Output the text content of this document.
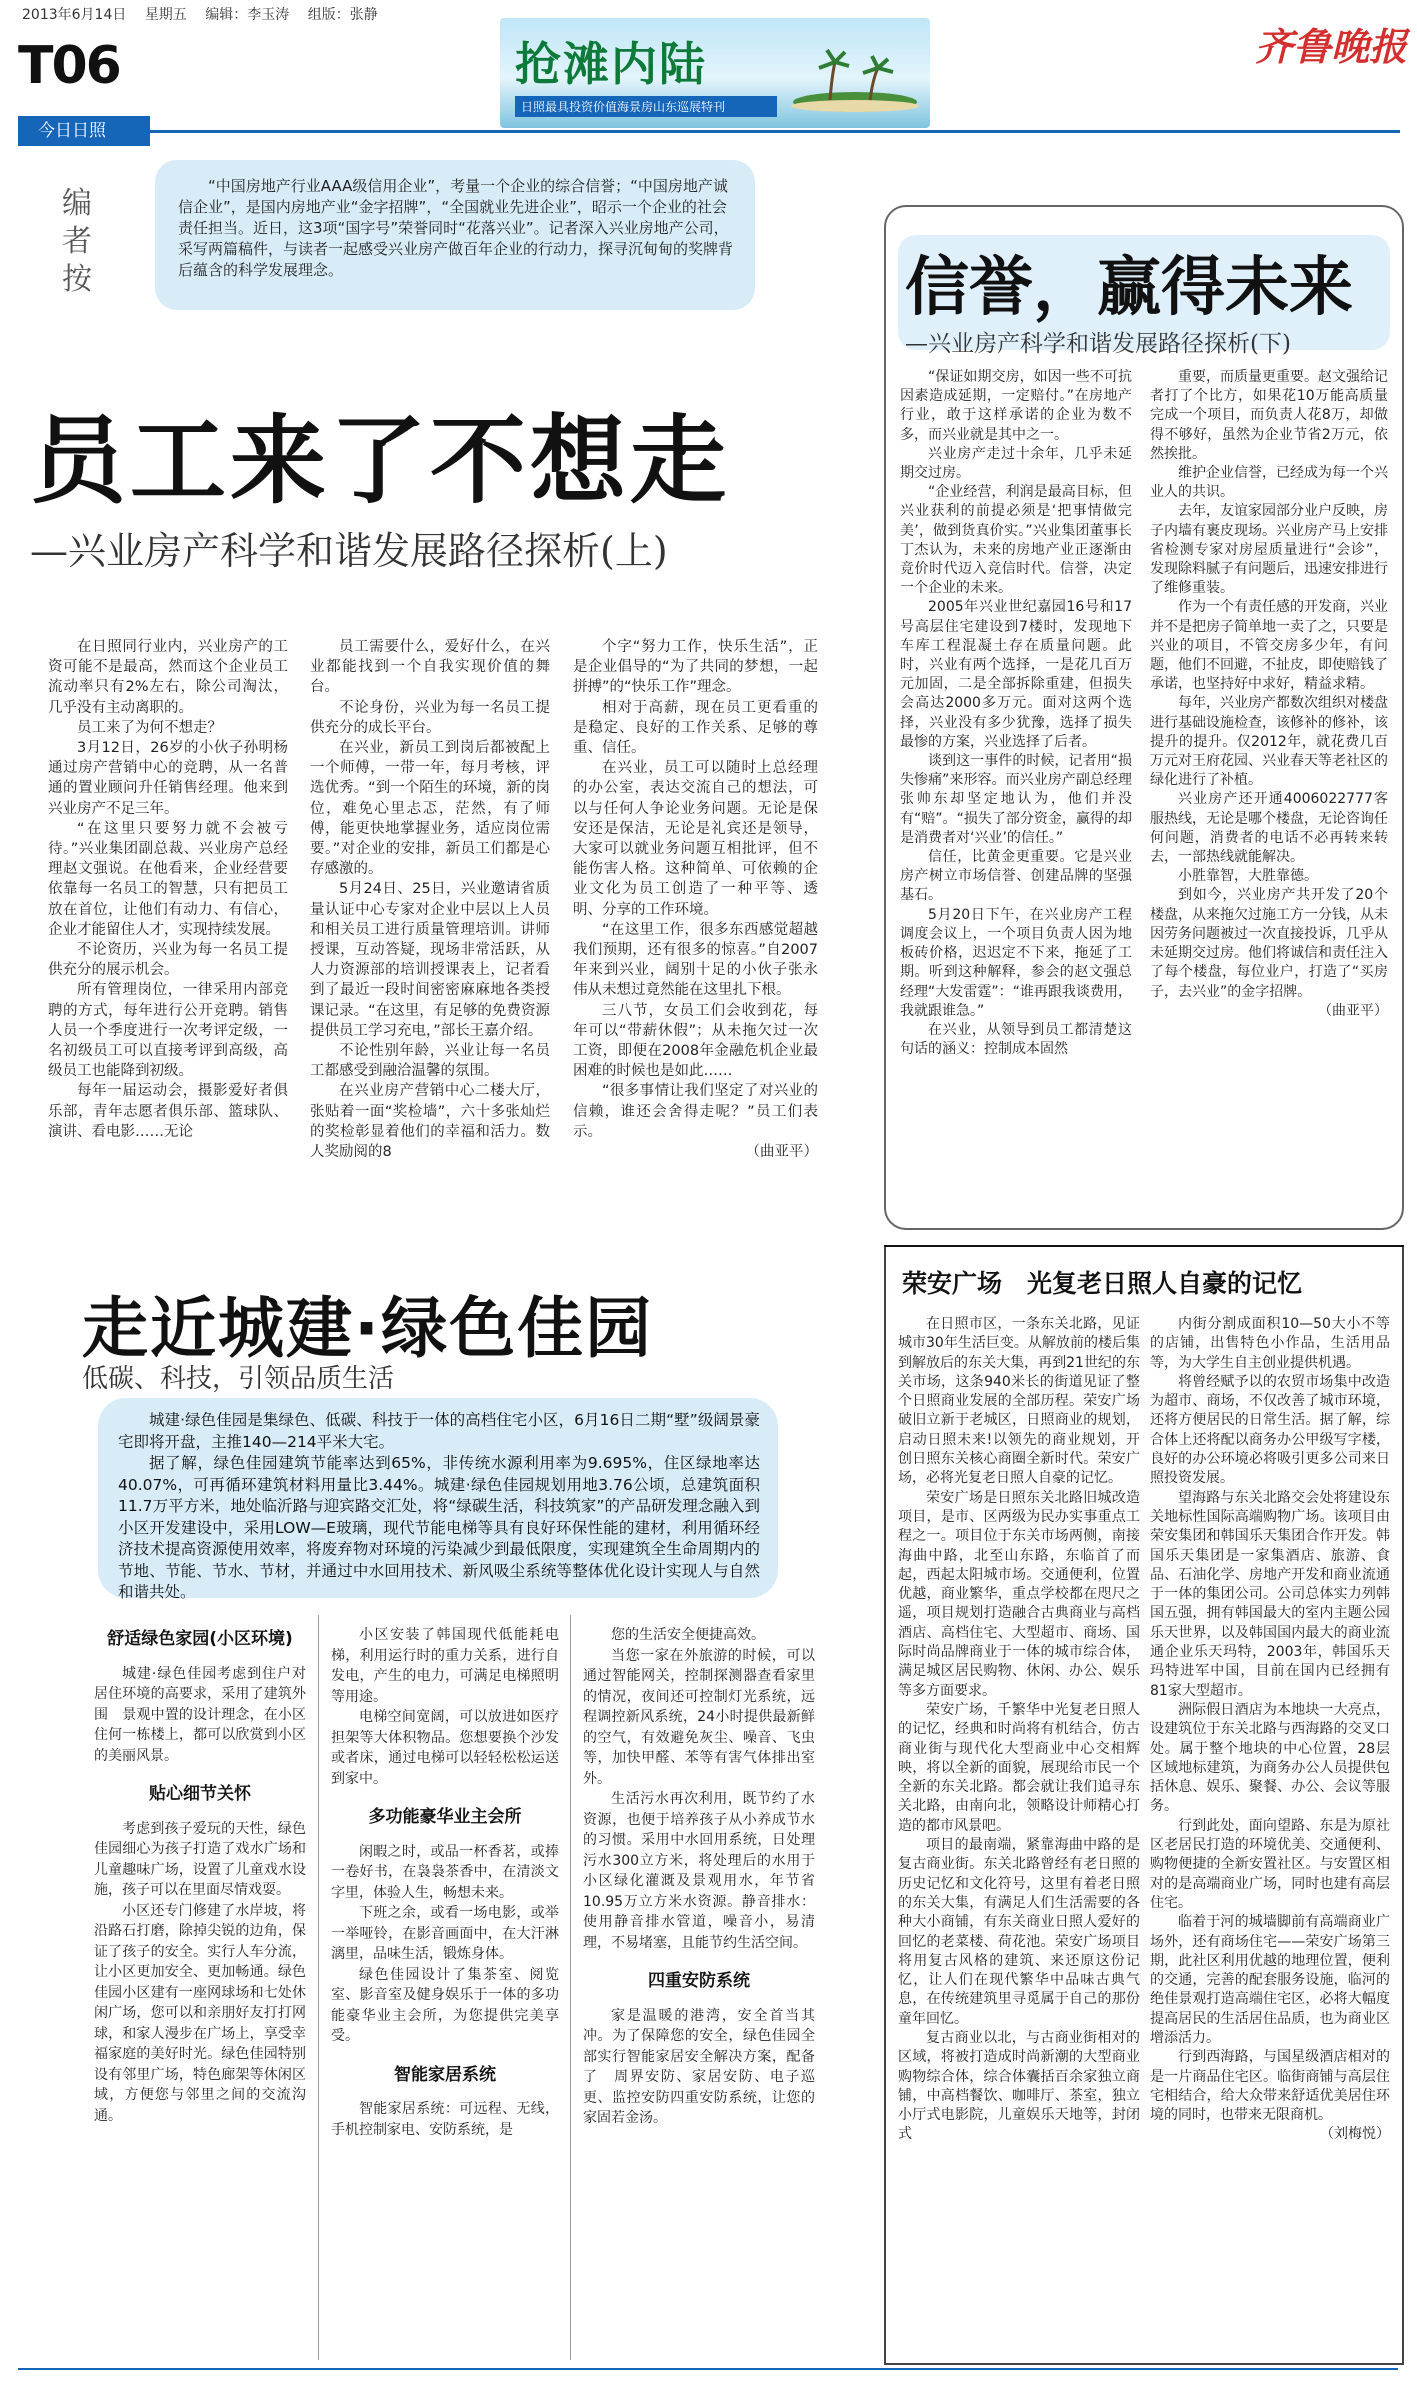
2013年6月14日 星期五 编辑：李玉涛 组版：张静
T06
今日日照
抢滩内陆
日照最具投资价值海景房山东巡展特刊
齐鲁晚报
编者按
“中国房地产行业AAA级信用企业”，考量一个企业的综合信誉；“中国房地产诚信企业”，是国内房地产业“金字招牌”，“全国就业先进企业”，昭示一个企业的社会责任担当。近日，这3项“国字号”荣誉同时“花落兴业”。记者深入兴业房地产公司，采写两篇稿件，与读者一起感受兴业房产做百年企业的行动力，探寻沉甸甸的奖牌背后蕴含的科学发展理念。
员工来了不想走
—兴业房产科学和谐发展路径探析(上)

在日照同行业内，兴业房产的工资可能不是最高，然而这个企业员工流动率只有2%左右，除公司淘汰，几乎没有主动离职的。

员工来了为何不想走？

3月12日，26岁的小伙子孙明杨通过房产营销中心的竞聘，从一名普通的置业顾问升任销售经理。他来到兴业房产不足三年。

“在这里只要努力就不会被亏待。”兴业集团副总裁、兴业房产总经理赵文强说。在他看来，企业经营要依靠每一名员工的智慧，只有把员工放在首位，让他们有动力、有信心，企业才能留住人才，实现持续发展。

不论资历，兴业为每一名员工提供充分的展示机会。

所有管理岗位，一律采用内部竞聘的方式，每年进行公开竞聘。销售人员一个季度进行一次考评定级，一名初级员工可以直接考评到高级，高级员工也能降到初级。

每年一届运动会，摄影爱好者俱乐部，青年志愿者俱乐部、篮球队、演讲、看电影……无论

员工需要什么，爱好什么，在兴业都能找到一个自我实现价值的舞台。

不论身份，兴业为每一名员工提供充分的成长平台。

在兴业，新员工到岗后都被配上一个师傅，一带一年，每月考核，评选优秀。“到一个陌生的环境，新的岗位，难免心里忐忑，茫然，有了师傅，能更快地掌握业务，适应岗位需要。”对企业的安排，新员工们都是心存感激的。

5月24日、25日，兴业邀请省质量认证中心专家对企业中层以上人员和相关员工进行质量管理培训。讲师授课，互动答疑，现场非常活跃，从人力资源部的培训授课表上，记者看到了最近一段时间密密麻麻地各类授课记录。“在这里，有足够的免费资源提供员工学习充电，”部长王嘉介绍。

不论性别年龄，兴业让每一名员工都感受到融洽温馨的氛围。

在兴业房产营销中心二楼大厅，张贴着一面“奖检墙”，六十多张灿烂的奖检彰显着他们的幸福和活力。数人奖励阅的8

个字“努力工作，快乐生活”，正是企业倡导的“为了共同的梦想，一起拼搏”的“快乐工作”理念。

相对于高薪，现在员工更看重的是稳定、良好的工作关系、足够的尊重、信任。

在兴业，员工可以随时上总经理的办公室，表达交流自己的想法，可以与任何人争论业务问题。无论是保安还是保洁，无论是礼宾还是领导，大家可以就业务问题互相批评，但不能伤害人格。这种简单、可依赖的企业文化为员工创造了一种平等、透明、分享的工作环境。

“在这里工作，很多东西感觉超越我们预期，还有很多的惊喜。”自2007年来到兴业，阔别十足的小伙子张永伟从未想过竟然能在这里扎下根。

三八节，女员工们会收到花，每年可以“带薪休假”；从未拖欠过一次工资，即便在2008年金融危机企业最困难的时候也是如此……

“很多事情让我们坚定了对兴业的信赖，谁还会舍得走呢？”员工们表示。

（曲亚平）

信誉，赢得未来
—兴业房产科学和谐发展路径探析(下)

“保证如期交房，如因一些不可抗因素造成延期，一定赔付。”在房地产行业，敢于这样承诺的企业为数不多，而兴业就是其中之一。

兴业房产走过十余年，几乎未延期交过房。

“企业经营，利润是最高目标，但兴业获利的前提必须是‘把事情做完美’，做到货真价实。”兴业集团董事长丁杰认为，未来的房地产业正逐渐由竞价时代迈入竞信时代。信誉，决定一个企业的未来。

2005年兴业世纪嘉园16号和17号高层住宅建设到7楼时，发现地下车库工程混凝土存在质量问题。此时，兴业有两个选择，一是花几百万元加固，二是全部拆除重建，但损失会高达2000多万元。面对这两个选择，兴业没有多少犹豫，选择了损失最惨的方案，兴业选择了后者。

谈到这一事件的时候，记者用“损失惨痛”来形容。而兴业房产副总经理张帅东却坚定地认为，他们并没有“赔”。“损失了部分资金，赢得的却是消费者对‘兴业’的信任。”

信任，比黄金更重要。它是兴业房产树立市场信誉、创建品牌的坚强基石。

5月20日下午，在兴业房产工程调度会议上，一个项目负责人因为地板砖价格，迟迟定不下来，拖延了工期。听到这种解释，参会的赵文强总经理“大发雷霆”：“谁再跟我谈费用，我就跟谁急。”

在兴业，从领导到员工都清楚这句话的涵义：控制成本固然

重要，而质量更重要。赵文强给记者打了个比方，如果花10万能高质量完成一个项目，而负责人花8万，却做得不够好，虽然为企业节省2万元，依然挨批。

维护企业信誉，已经成为每一个兴业人的共识。

去年，友谊家园部分业户反映，房子内墙有裹皮现场。兴业房产马上安排省检测专家对房屋质量进行“会诊”，发现除料腻子有问题后，迅速安排进行了维修重装。

作为一个有责任感的开发商，兴业并不是把房子简单地一卖了之，只要是兴业的项目，不管交房多少年，有问题，他们不回避，不扯皮，即使赔钱了承诺，也坚持好中求好，精益求精。

每年，兴业房产都数次组织对楼盘进行基础设施检查，该修补的修补，该提升的提升。仅2012年，就花费几百万元对王府花园、兴业春天等老社区的绿化进行了补植。

兴业房产还开通4006022777客服热线，无论是哪个楼盘，无论咨询任何问题，消费者的电话不必再转来转去，一部热线就能解决。

小胜靠智，大胜靠德。

到如今，兴业房产共开发了20个楼盘，从来拖欠过施工方一分钱，从未因劳务问题被过一次直接投诉，几乎从未延期交过房。他们将诚信和责任注入了每个楼盘，每位业户，打造了“买房子，去兴业”的金字招牌。

（曲亚平）

走近城建·绿色佳园
低碳、科技，引领品质生活
城建·绿色佳园是集绿色、低碳、科技于一体的高档住宅小区，6月16日二期“墅”级阔景豪宅即将开盘，主推140—214平米大宅。
据了解，绿色佳园建筑节能率达到65%，非传统水源利用率为9.695%，住区绿地率达40.07%，可再循环建筑材料用量比3.44%。城建·绿色佳园规划用地3.76公顷，总建筑面积11.7万平方米，地处临沂路与迎宾路交汇处，将“绿碳生活，科技筑家”的产品研发理念融入到小区开发建设中，采用LOW—E玻璃，现代节能电梯等具有良好环保性能的建材，利用循环经济技术提高资源使用效率，将废弃物对环境的污染减少到最低限度，实现建筑全生命周期内的节地、节能、节水、节材，并通过中水回用技术、新风吸尘系统等整体优化设计实现人与自然和谐共处。
舒适绿色家园(小区环境)

城建·绿色佳园考虑到住户对居住环境的高要求，采用了建筑外围　景观中置的设计理念，在小区住何一栋楼上，都可以欣赏到小区的美丽风景。

贴心细节关怀

考虑到孩子爱玩的天性，绿色佳园细心为孩子打造了戏水广场和儿童趣味广场，设置了儿童戏水设施，孩子可以在里面尽情戏耍。

小区还专门修建了水岸坡，将沿路石打磨，除掉尖锐的边角，保证了孩子的安全。实行人车分流，让小区更加安全、更加畅通。绿色佳园小区建有一座网球场和七处休闲广场，您可以和亲朋好友打打网球，和家人漫步在广场上，享受幸福家庭的美好时光。绿色佳园特别设有邻里广场，特色廊架等休闲区域，方便您与邻里之间的交流沟通。

小区安装了韩国现代低能耗电梯，利用运行时的重力关系，进行自发电，产生的电力，可满足电梯照明等用途。

电梯空间宽阔，可以放进如医疗担架等大体积物品。您想要换个沙发或者床，通过电梯可以轻轻松松运送到家中。

多功能豪华业主会所

闲暇之时，或品一杯香茗，或捧一卷好书，在袅袅茶香中，在清淡文字里，体验人生，畅想未来。

下班之余，或看一场电影，或举一举哑铃，在影音画面中，在大汗淋漓里，品味生活，锻炼身体。

绿色佳园设计了集茶室、阅览室、影音室及健身娱乐于一体的多功能豪华业主会所，为您提供完美享受。

智能家居系统

智能家居系统：可远程、无线，手机控制家电、安防系统，是

您的生活安全便捷高效。

当您一家在外旅游的时候，可以通过智能网关，控制探测器查看家里的情况，夜间还可控制灯光系统，远程调控新风系统，24小时提供最新鲜的空气，有效避免灰尘、噪音、飞虫等，加快甲醛、苯等有害气体排出室外。

生活污水再次利用，既节约了水资源，也便于培养孩子从小养成节水的习惯。采用中水回用系统，日处理污水300立方米，将处理后的水用于小区绿化灌溉及景观用水，年节省10.95万立方米水资源。静音排水：使用静音排水管道，噪音小，易清理，不易堵塞，且能节约生活空间。

四重安防系统

家是温暖的港湾，安全首当其冲。为了保障您的安全，绿色佳园全部实行智能家居安全解决方案，配备了　周界安防、家居安防、电子巡更、监控安防四重安防系统，让您的家固若金汤。

荣安广场　光复老日照人自豪的记忆

在日照市区，一条东关北路，见证城市30年生活巨变。从解放前的楼后集到解放后的东关大集，再到21世纪的东关市场，这条940米长的街道见证了整个日照商业发展的全部历程。荣安广场破旧立新于老城区，日照商业的规划，启动日照未来!以领先的商业规划，开创日照东关核心商圈全新时代。荣安广场，必将光复老日照人自豪的记忆。

荣安广场是日照东关北路旧城改造项目，是市、区两级为民办实事重点工程之一。项目位于东关市场两侧，南接海曲中路，北至山东路，东临首了而起，西起太阳城市场。交通便利，位置优越，商业繁华，重点学校都在咫尺之遥，项目规划打造融合古典商业与高档酒店、高档住宅、大型超市、商场、国际时尚品牌商业于一体的城市综合体，满足城区居民购物、休闲、办公、娱乐等多方面要求。

荣安广场，千繁华中光复老日照人的记忆，经典和时尚将有机结合，仿古商业街与现代化大型商业中心交相辉映，将以全新的面貌，展现给市民一个全新的东关北路。都会就让我们追寻东关北路，由南向北，领略设计师精心打造的都市风景吧。

项目的最南端，紧靠海曲中路的是复古商业街。东关北路曾经有老日照的历史记忆和文化符号，这里有着老日照的东关大集，有满足人们生活需要的各种大小商铺，有东关商业日照人爱好的回忆的老菜楼、荷花池。荣安广场项目将用复古风格的建筑、来还原这份记忆，让人们在现代繁华中品味古典气息，在传统建筑里寻觅属于自己的那份童年回忆。

复古商业以北，与古商业街相对的区域，将被打造成时尚新潮的大型商业购物综合体，综合体囊括百余家独立商铺，中高档餐饮、咖啡厅、茶室，独立小厅式电影院，儿童娱乐天地等，封闭式

内街分割成面积10—50大小不等的店铺，出售特色小作品，生活用品等，为大学生自主创业提供机遇。

将曾经赋予以的农贸市场集中改造为超市、商场，不仅改善了城市环境，还将方便居民的日常生活。据了解，综合体上还将配以商务办公甲级写字楼，良好的办公环境必将吸引更多公司来日照投资发展。

望海路与东关北路交会处将建设东关地标性国际高端购物广场。该项目由荣安集团和韩国乐天集团合作开发。韩国乐天集团是一家集酒店、旅游、食品、石油化学、房地产开发和商业流通于一体的集团公司。公司总体实力列韩国五强，拥有韩国最大的室内主题公园乐天世界，以及韩国国内最大的商业流通企业乐天玛特，2003年，韩国乐天玛特进军中国，目前在国内已经拥有81家大型超市。

洲际假日酒店为本地块一大亮点，设建筑位于东关北路与西海路的交叉口处。属于整个地块的中心位置，28层区域地标建筑，为商务办公人员提供包括休息、娱乐、聚餐、办公、会议等服务。

行到此处，面向望路、东是为原社区老居民打造的环境优美、交通便利、购物便捷的全新安置社区。与安置区相对的是高端商业广场，同时也建有高层住宅。

临着于河的城墙脚前有高端商业广场外，还有商场住宅——荣安广场第三期，此社区利用优越的地理位置，便利的交通，完善的配套服务设施，临河的绝佳景观打造高端住宅区，必将大幅度提高居民的生活居住品质，也为商业区增添活力。

行到西海路，与国星级酒店相对的是一片商品住宅区。临街商铺与高层住宅相结合，给大众带来舒适优美居住环境的同时，也带来无限商机。

（刘梅悦）
